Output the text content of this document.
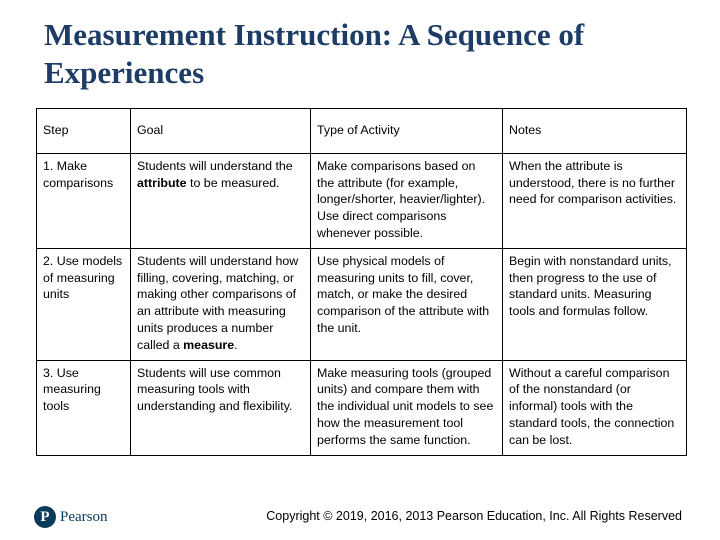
Measurement Instruction: A Sequence of Experiences
Step	Goal	Type of Activity	Notes
1. Make comparisons	Students will understand the attribute to be measured.	Make comparisons based on the attribute (for example, longer/shorter, heavier/lighter). Use direct comparisons whenever possible.	When the attribute is understood, there is no further need for comparison activities.
2. Use models of measuring units	Students will understand how filling, covering, matching, or making other comparisons of an attribute with measuring units produces a number called a measure.	Use physical models of measuring units to fill, cover, match, or make the desired comparison of the attribute with the unit.	Begin with nonstandard units, then progress to the use of standard units. Measuring tools and formulas follow.
3. Use measuring tools	Students will use common measuring tools with understanding and flexibility.	Make measuring tools (grouped units) and compare them with the individual unit models to see how the measurement tool performs the same function.	Without a careful comparison of the nonstandard (or informal) tools with the standard tools, the connection can be lost.
P Pearson	Copyright © 2019, 2016, 2013 Pearson Education, Inc. All Rights Reserved
